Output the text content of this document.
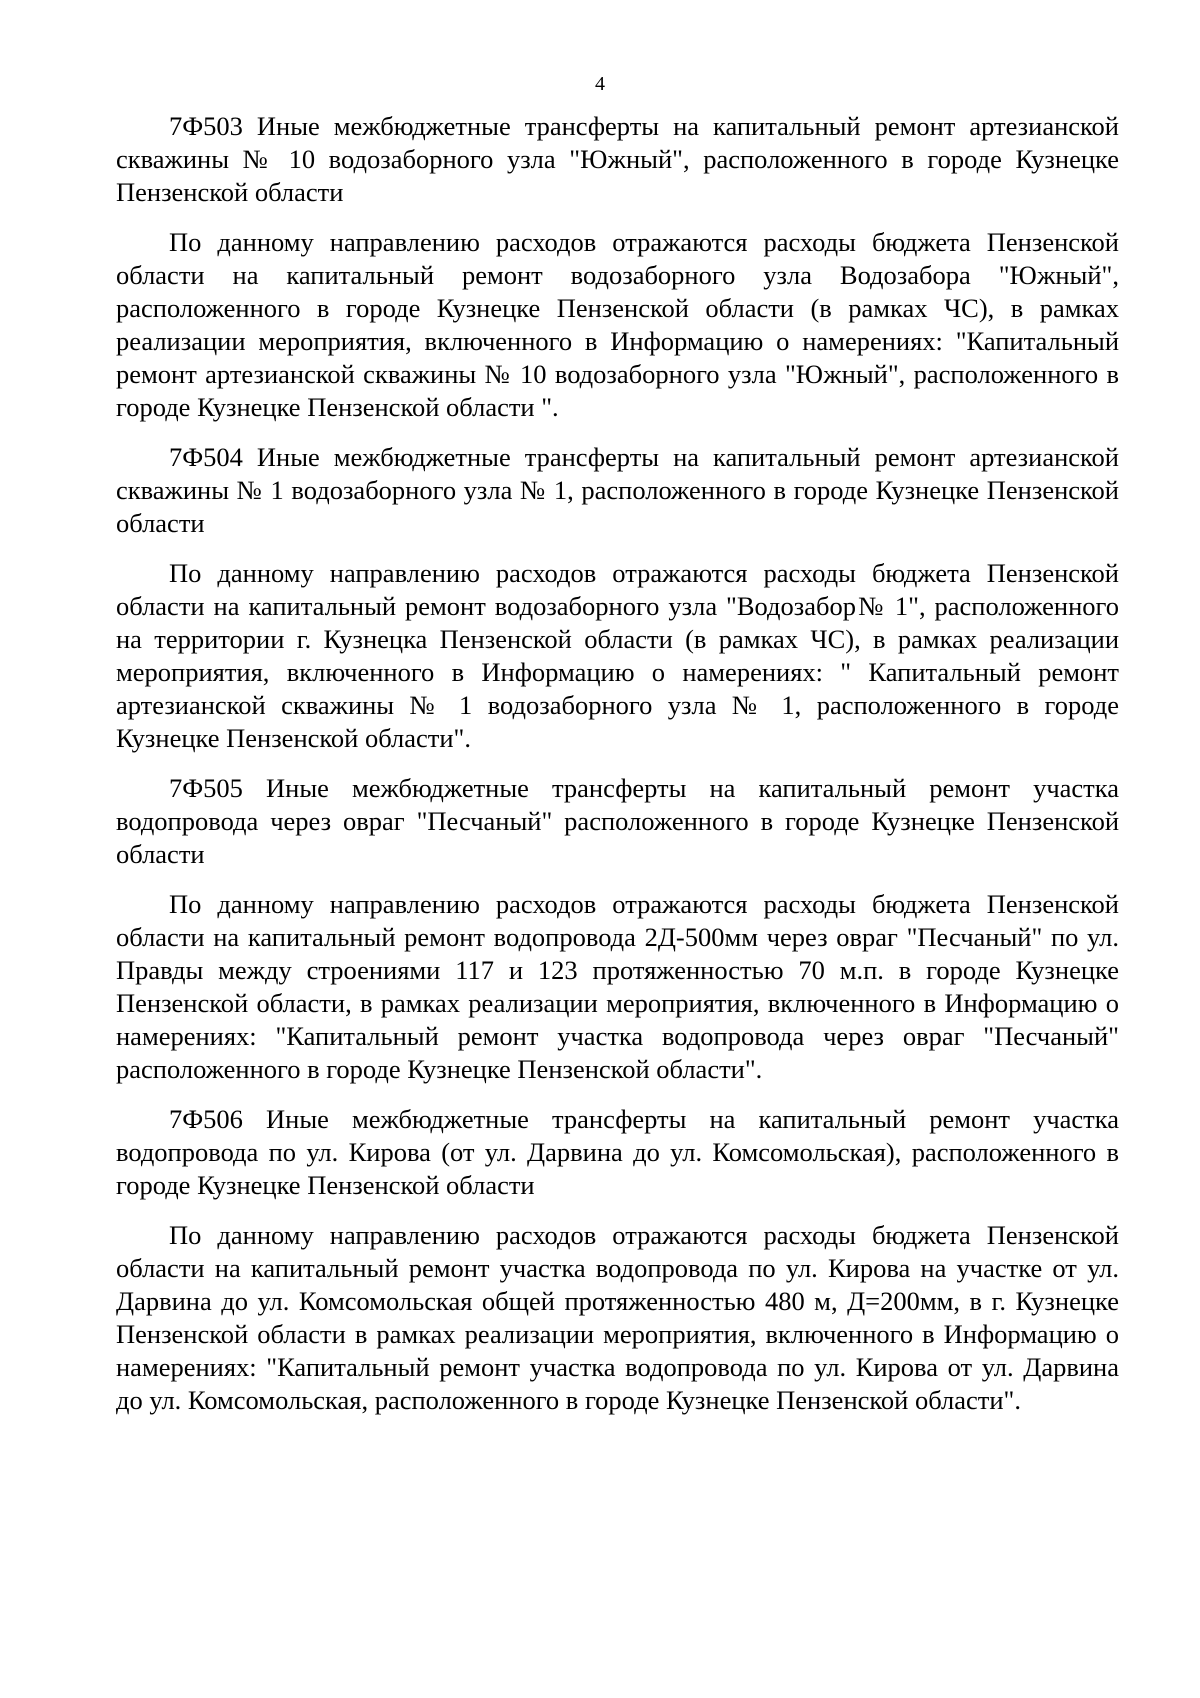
4

7Ф503 Иные межбюджетные трансферты на капитальный ремонт артезианской скважины № 10 водозаборного узла "Южный", расположенного в городе Кузнецке Пензенской области

По данному направлению расходов отражаются расходы бюджета Пензенской области на капитальный ремонт водозаборного узла Водозабора "Южный", расположенного в городе Кузнецке Пензенской области (в рамках ЧС), в рамках реализации мероприятия, включенного в Информацию о намерениях: "Капитальный ремонт артезианской скважины № 10 водозаборного узла "Южный", расположенного в городе Кузнецке Пензенской области ".

7Ф504 Иные межбюджетные трансферты на капитальный ремонт артезианской скважины № 1 водозаборного узла № 1, расположенного в городе Кузнецке Пензенской области

По данному направлению расходов отражаются расходы бюджета Пензенской области на капитальный ремонт водозаборного узла "Водозабор№ 1", расположенного на территории г. Кузнецка Пензенской области (в рамках ЧС), в рамках реализации мероприятия, включенного в Информацию о намерениях: " Капитальный ремонт артезианской скважины № 1 водозаборного узла № 1, расположенного в городе Кузнецке Пензенской области".

7Ф505 Иные межбюджетные трансферты на капитальный ремонт участка водопровода через овраг "Песчаный" расположенного в городе Кузнецке Пензенской области

По данному направлению расходов отражаются расходы бюджета Пензенской области на капитальный ремонт водопровода 2Д-500мм через овраг "Песчаный" по ул. Правды между строениями 117 и 123 протяженностью 70 м.п. в городе Кузнецке Пензенской области, в рамках реализации мероприятия, включенного в Информацию о намерениях: "Капитальный ремонт участка водопровода через овраг "Песчаный" расположенного в городе Кузнецке Пензенской области".

7Ф506 Иные межбюджетные трансферты на капитальный ремонт участка водопровода по ул. Кирова (от ул. Дарвина до ул. Комсомольская), расположенного в городе Кузнецке Пензенской области

По данному направлению расходов отражаются расходы бюджета Пензенской области на капитальный ремонт участка водопровода по ул. Кирова на участке от ул. Дарвина до ул. Комсомольская общей протяженностью 480 м, Д=200мм, в г. Кузнецке Пензенской области в рамках реализации мероприятия, включенного в Информацию о намерениях: "Капитальный ремонт участка водопровода по ул. Кирова от ул. Дарвина до ул. Комсомольская, расположенного в городе Кузнецке Пензенской области".
